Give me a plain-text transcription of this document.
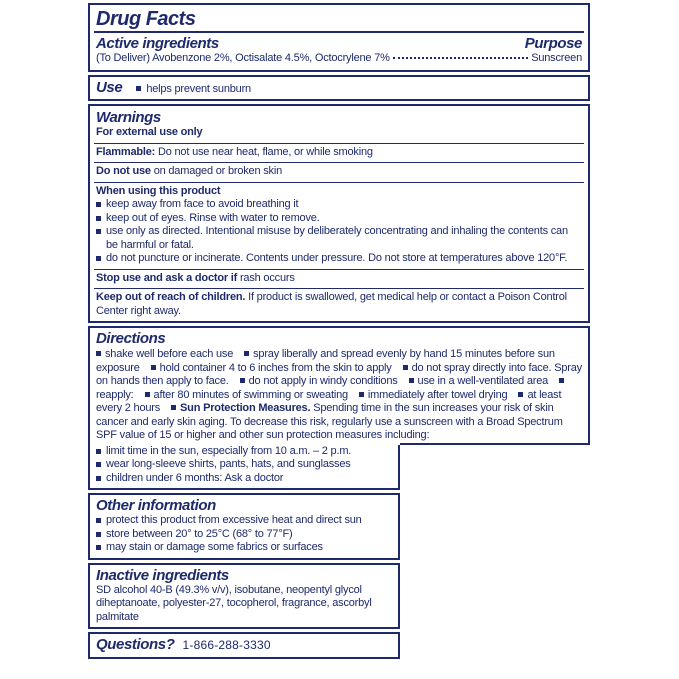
Drug Facts
Active ingredients	Purpose
(To Deliver) Avobenzone 2%, Octisalate 4.5%, Octocrylene 7%	Sunscreen
Use	helps prevent sunburn
Warnings
For external use only
Flammable: Do not use near heat, flame, or while smoking
Do not use on damaged or broken skin
When using this product
keep away from face to avoid breathing it
keep out of eyes. Rinse with water to remove.
use only as directed. Intentional misuse by deliberately concentrating and inhaling the contents can be harmful or fatal.
do not puncture or incinerate. Contents under pressure. Do not store at temperatures above 120°F.
Stop use and ask a doctor if rash occurs
Keep out of reach of children. If product is swallowed, get medical help or contact a Poison Control Center right away.
Directions

shake well before each use spray liberally and spread evenly by hand 15 minutes before sun exposure hold container 4 to 6 inches from the skin to apply do not spray directly into face. Spray on hands then apply to face. do not apply in windy conditions use in a well-ventilated areareapply: after 80 minutes of swimming or sweating immediately after towel drying at least every 2 hours Sun Protection Measures. Spending time in the sun increases your risk of skin cancer and early skin aging. To decrease this risk, regularly use a sunscreen with a Broad Spectrum SPF value of 15 or higher and other sun protection measures including:

limit time in the sun, especially from 10 a.m. – 2 p.m.
wear long-sleeve shirts, pants, hats, and sunglasses
children under 6 months: Ask a doctor
Other information
protect this product from excessive heat and direct sun
store between 20° to 25°C (68° to 77°F)
may stain or damage some fabrics or surfaces
Inactive ingredients
SD alcohol 40-B (49.3% v/v), isobutane, neopentyl glycol diheptanoate, polyester-27, tocopherol, fragrance, ascorbyl palmitate
Questions? 1-866-288-3330
